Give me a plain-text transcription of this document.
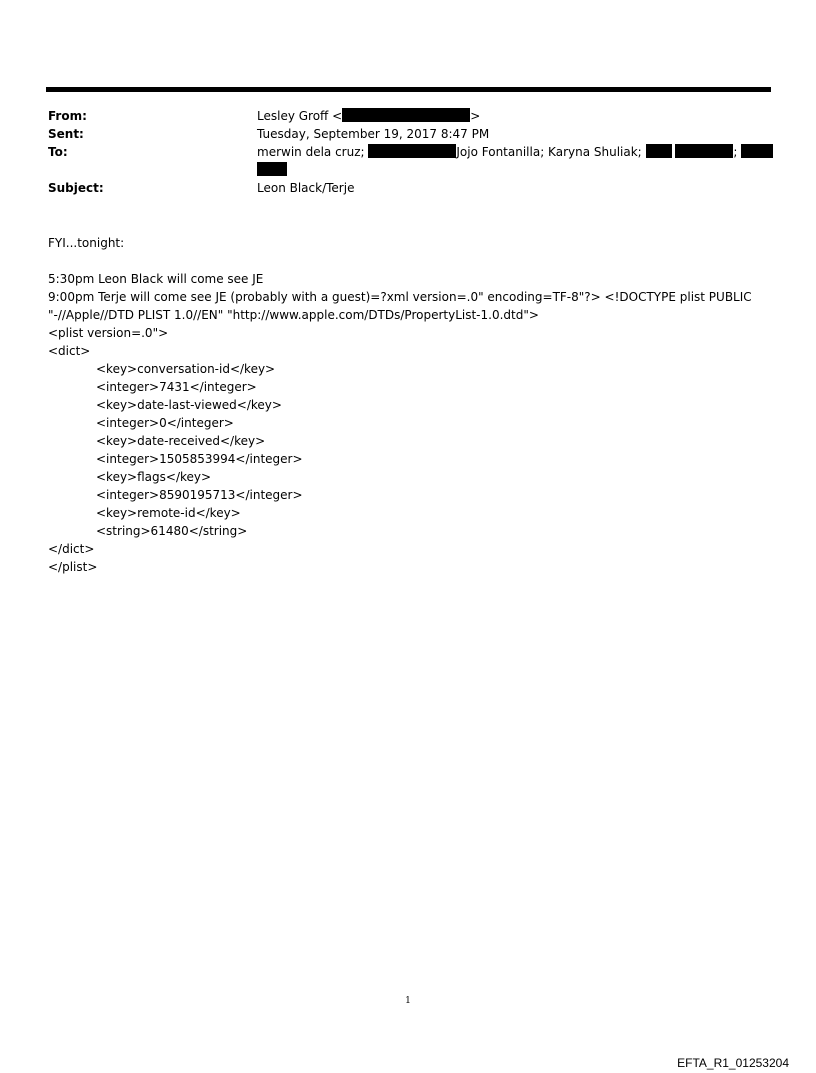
From:	Lesley Groff <	>
Sent:	Tuesday, September 19, 2017 8:47 PM
To:	merwin dela cruz;	Jojo Fontanilla; Karyna Shuliak;	;

Subject:	Leon Black/Terje
FYI...tonight:
5:30pm Leon Black will come see JE
9:00pm Terje will come see JE (probably with a guest)=?xml version=.0" encoding=TF-8"?> <!DOCTYPE plist PUBLIC "-//Apple//DTD PLIST 1.0//EN" "http://www.apple.com/DTDs/PropertyList-1.0.dtd">
<plist version=.0">
<dict>
<key>conversation-id</key>
<integer>7431</integer>
<key>date-last-viewed</key>
<integer>0</integer>
<key>date-received</key>
<integer>1505853994</integer>
<key>flags</key>
<integer>8590195713</integer>
<key>remote-id</key>
<string>61480</string>
</dict>
</plist>
1
EFTA_R1_01253204
